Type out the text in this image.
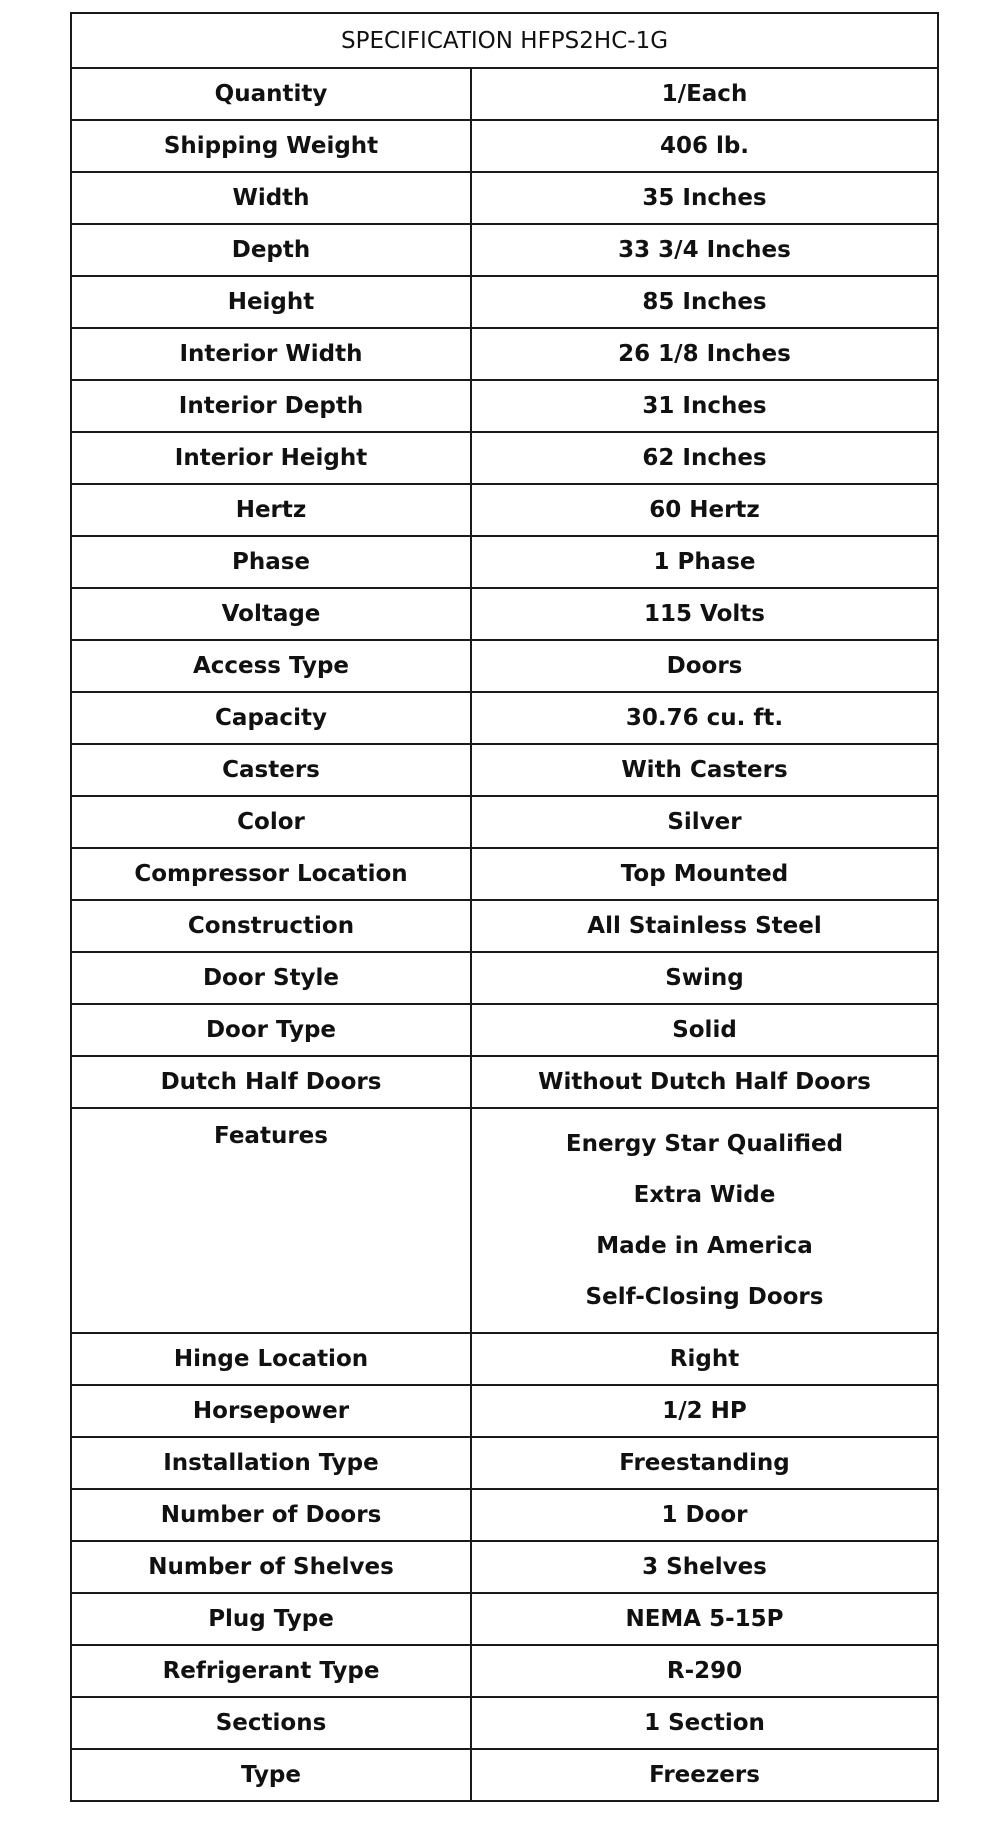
SPECIFICATION HFPS2HC-1G	
Quantity	1/Each
Shipping Weight	406 lb.
Width	35 Inches
Depth	33 3/4 Inches
Height	85 Inches
Interior Width	26 1/8 Inches
Interior Depth	31 Inches
Interior Height	62 Inches
Hertz	60 Hertz
Phase	1 Phase
Voltage	115 Volts
Access Type	Doors
Capacity	30.76 cu. ft.
Casters	With Casters
Color	Silver
Compressor Location	Top Mounted
Construction	All Stainless Steel
Door Style	Swing
Door Type	Solid
Dutch Half Doors	Without Dutch Half Doors
Features	Energy Star Qualified
Extra Wide
Made in America
Self-Closing Doors

Hinge Location	Right
Horsepower	1/2 HP
Installation Type	Freestanding
Number of Doors	1 Door
Number of Shelves	3 Shelves
Plug Type	NEMA 5-15P
Refrigerant Type	R-290
Sections	1 Section
Type	Freezers
